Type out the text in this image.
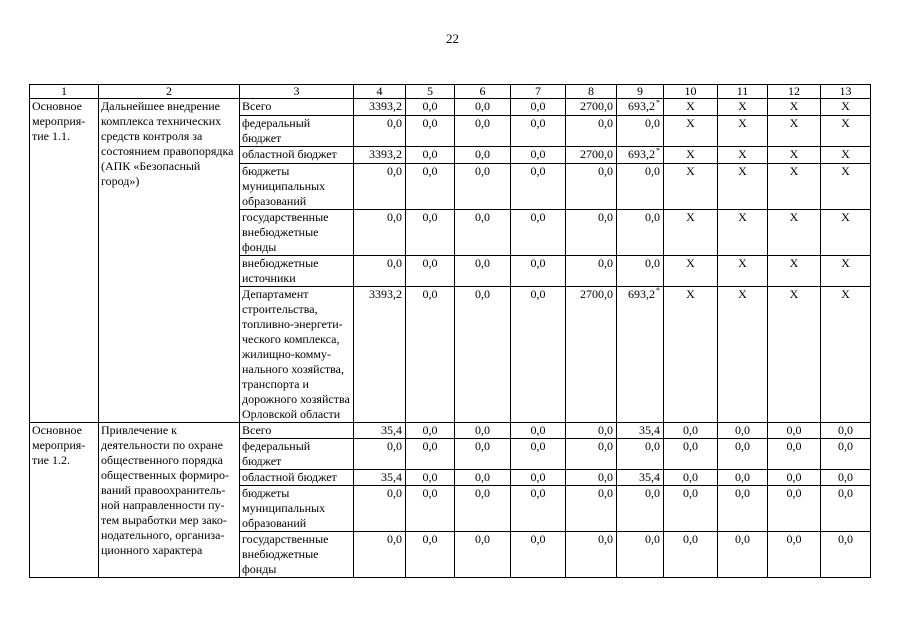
22
1	2	3	4	5	6	7	8	9	10	11	12	13
Основное мероприя-тие 1.1.	Дальнейшее внедрение комплекса технических средств контроля за состоянием правопорядка (АПК «Безопасный город»)	Всего	3393,2	0,0	0,0	0,0	2700,0	693,2*	Х	Х	Х	Х
		федеральный бюджет	0,0	0,0	0,0	0,0	0,0	0,0	Х	Х	Х	Х
		областной бюджет	3393,2	0,0	0,0	0,0	2700,0	693,2*	Х	Х	Х	Х
		бюджеты муниципальных образований	0,0	0,0	0,0	0,0	0,0	0,0	Х	Х	Х	Х
		государственные внебюджетные фонды	0,0	0,0	0,0	0,0	0,0	0,0	Х	Х	Х	Х
		внебюджетные источники	0,0	0,0	0,0	0,0	0,0	0,0	Х	Х	Х	Х
		Департамент строительства, топливно-энергети-ческого комплекса, жилищно-комму-нального хозяйства, транспорта и дорожного хозяйства Орловской области	3393,2	0,0	0,0	0,0	2700,0	693,2*	Х	Х	Х	Х
Основное мероприя-тие 1.2.	Привлечение к деятельности по охране общественного порядка общественных формиро-ваний правоохранитель-ной направленности пу-тем выработки мер зако-нодательного, организа-ционного характера	Всего	35,4	0,0	0,0	0,0	0,0	35,4	0,0	0,0	0,0	0,0
		федеральный бюджет	0,0	0,0	0,0	0,0	0,0	0,0	0,0	0,0	0,0	0,0
		областной бюджет	35,4	0,0	0,0	0,0	0,0	35,4	0,0	0,0	0,0	0,0
		бюджеты муниципальных образований	0,0	0,0	0,0	0,0	0,0	0,0	0,0	0,0	0,0	0,0
		государственные внебюджетные фонды	0,0	0,0	0,0	0,0	0,0	0,0	0,0	0,0	0,0	0,0
